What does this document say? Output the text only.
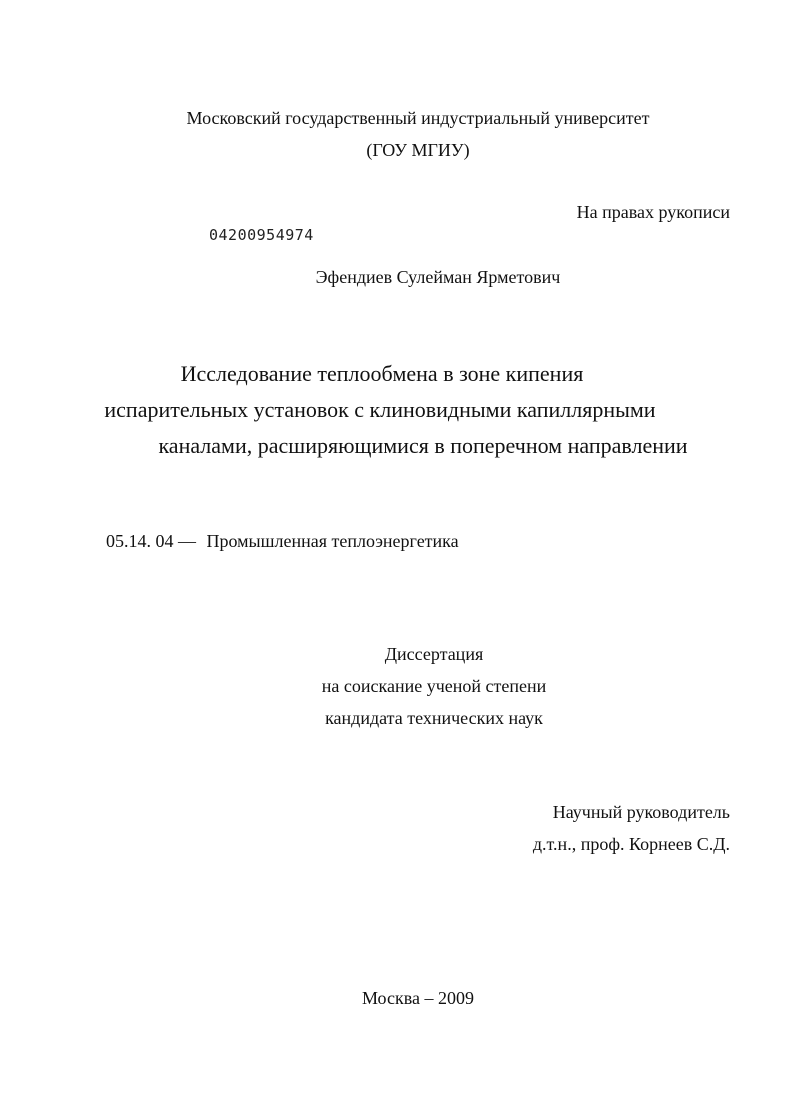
Московский государственный индустриальный университет
(ГОУ МГИУ)
На правах рукописи
04200954974
Эфендиев Сулейман Ярметович
Исследование теплообмена в зоне кипения
испарительных установок с клиновидными капиллярными
каналами, расширяющимися в поперечном направлении
05.14. 04 — Промышленная теплоэнергетика
Диссертация
на соискание ученой степени
кандидата технических наук
Научный руководитель
д.т.н., проф. Корнеев С.Д.
Москва – 2009
